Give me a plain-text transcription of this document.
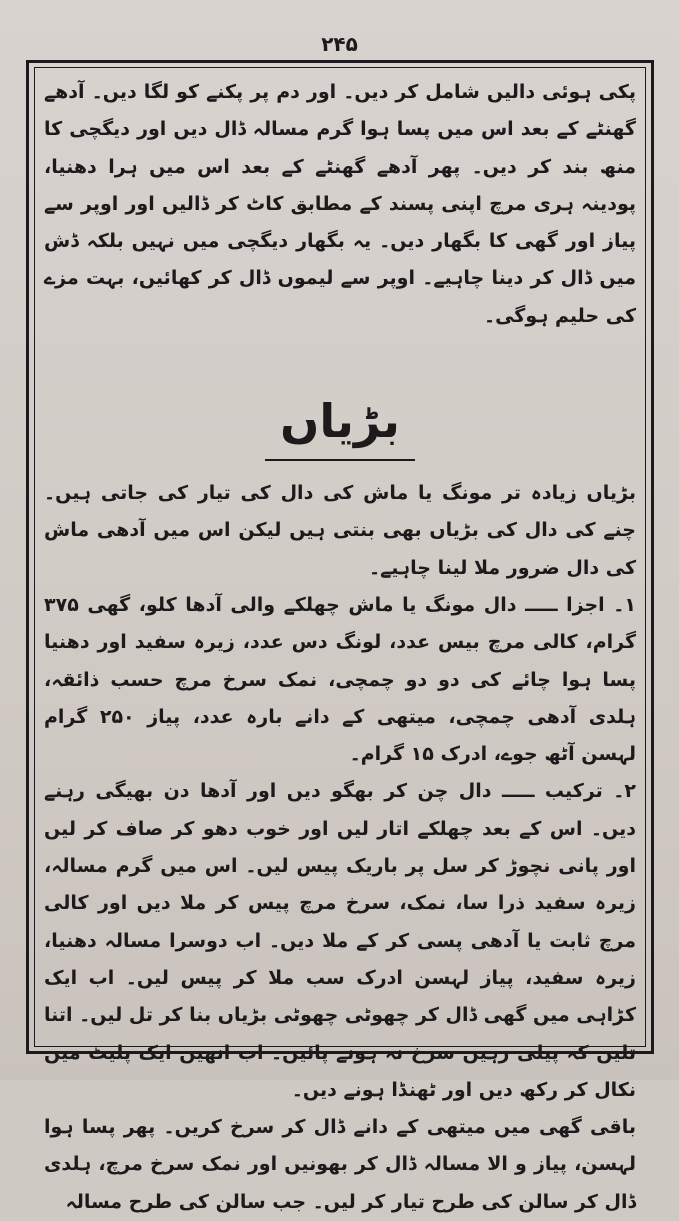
۲۴۵

پکی ہوئی دالیں شامل کر دیں۔ اور دم پر پکنے کو لگا دیں۔ آدھے گھنٹے کے بعد اس میں پسا ہوا گرم مسالہ ڈال دیں اور دیگچی کا منھ بند کر دیں۔ پھر آدھے گھنٹے کے بعد اس میں ہرا دھنیا، پودینہ ہری مرچ اپنی پسند کے مطابق کاٹ کر ڈالیں اور اوپر سے پیاز اور گھی کا بگھار دیں۔ یہ بگھار دیگچی میں نہیں بلکہ ڈش میں ڈال کر دینا چاہیے۔ اوپر سے لیموں ڈال کر کھائیں، بہت مزے کی حلیم ہوگی۔

بڑیاں

بڑیاں زیادہ تر مونگ یا ماش کی دال کی تیار کی جاتی ہیں۔ چنے کی دال کی بڑیاں بھی بنتی ہیں لیکن اس میں آدھی ماش کی دال ضرور ملا لینا چاہیے۔

۱۔ اجزا ـــــ دال مونگ یا ماش چھلکے والی آدھا کلو، گھی ۳۷۵ گرام، کالی مرچ بیس عدد، لونگ دس عدد، زیرہ سفید اور دھنیا پسا ہوا چائے کی دو دو چمچی، نمک سرخ مرچ حسب ذائقہ، ہلدی آدھی چمچی، میتھی کے دانے بارہ عدد، پیاز ۲۵۰ گرام لہسن آٹھ جوے، ادرک ۱۵ گرام۔

۲۔ ترکیب ـــــ دال چن کر بھگو دیں اور آدھا دن بھیگی رہنے دیں۔ اس کے بعد چھلکے اتار لیں اور خوب دھو کر صاف کر لیں اور پانی نچوڑ کر سل پر باریک پیس لیں۔ اس میں گرم مسالہ، زیرہ سفید ذرا سا، نمک، سرخ مرچ پیس کر ملا دیں اور کالی مرچ ثابت یا آدھی پسی کر کے ملا دیں۔ اب دوسرا مسالہ دھنیا، زیرہ سفید، پیاز لہسن ادرک سب ملا کر پیس لیں۔ اب ایک کڑاہی میں گھی ڈال کر چھوٹی چھوٹی بڑیاں بنا کر تل لیں۔ اتنا تلیں کہ پیلی رہیں سرخ نہ ہونے پائیں۔ اب انھیں ایک پلیٹ میں نکال کر رکھ دیں اور ٹھنڈا ہونے دیں۔

باقی گھی میں میتھی کے دانے ڈال کر سرخ کریں۔ پھر پسا ہوا لہسن، پیاز و الا مسالہ ڈال کر بھونیں اور نمک سرخ مرچ، ہلدی ڈال کر سالن کی طرح تیار کر لیں۔ جب سالن کی طرح مسالہ
